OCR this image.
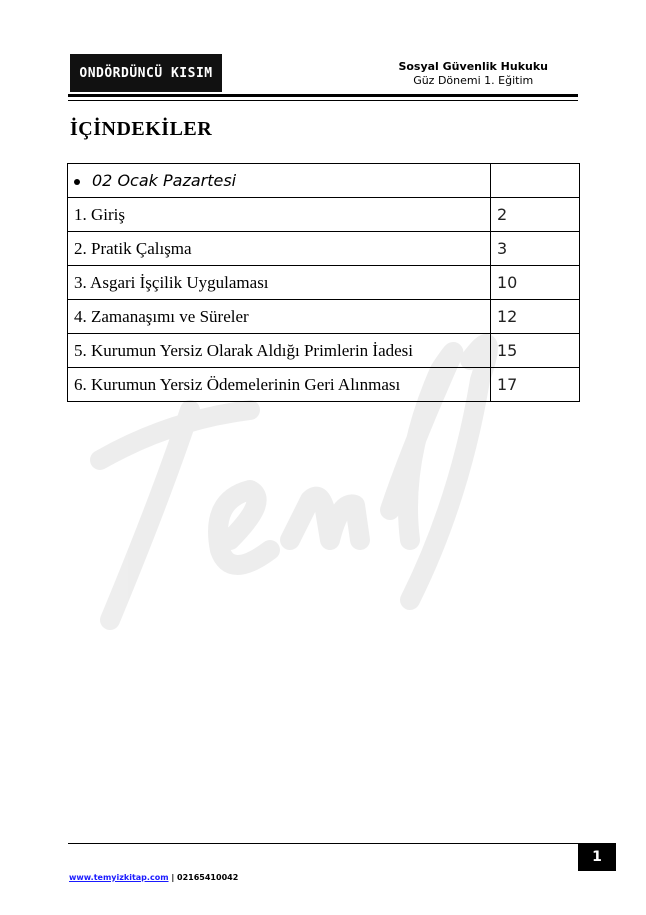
ONDÖRDÜNCÜ KISIM	Sosyal Güvenlik Hukuku
Güz Dönemi 1. Eğitim
İÇİNDEKİLER
02 Ocak Pazartesi	
1. Giriş	2
2. Pratik Çalışma	3
3. Asgari İşçilik Uygulaması	10
4. Zamanaşımı ve Süreler	12
5. Kurumun Yersiz Olarak Aldığı Primlerin İadesi	15
6. Kurumun Yersiz Ödemelerinin Geri Alınması	17
1
www.temyizkitap.com | 02165410042
